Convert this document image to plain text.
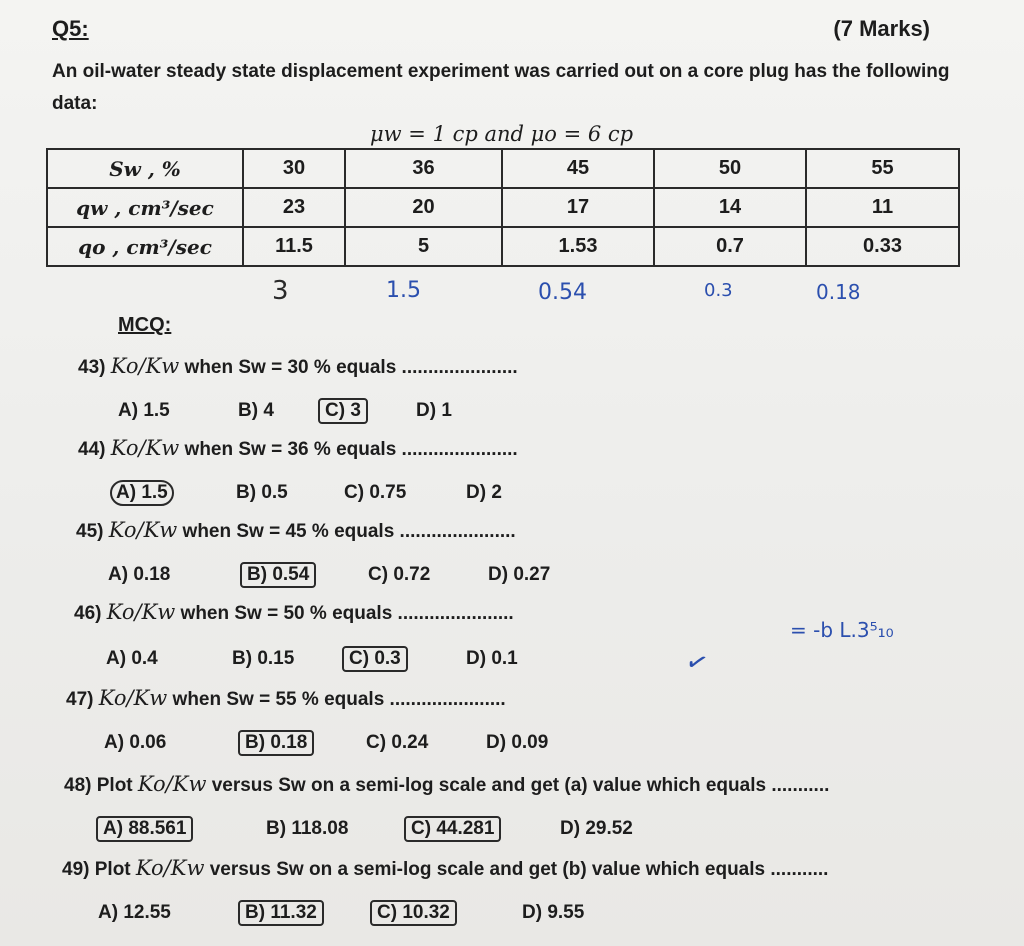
Q5:	(7 Marks)
An oil-water steady state displacement experiment was carried out on a core plug has the following data:
μw = 1 cp and μo = 6 cp
Sw , %	30	36	45	50	55
qw , cm³/sec	23	20	17	14	11
qo , cm³/sec	11.5	5	1.53	0.7	0.33
3	1.5	0.54	0.3	0.18
MCQ:
43) Ko/Kw when Sw = 30 % equals ......................
A) 1.5	B) 4	C) 3	D) 1
44) Ko/Kw when Sw = 36 % equals ......................
A) 1.5	B) 0.5	C) 0.75	D) 2
45) Ko/Kw when Sw = 45 % equals ......................
A) 0.18	B) 0.54	C) 0.72	D) 0.27
46) Ko/Kw when Sw = 50 % equals ......................
A) 0.4	B) 0.15	C) 0.3	D) 0.1	✓
= -b L.3⁵₁₀
47) Ko/Kw when Sw = 55 % equals ......................
A) 0.06	B) 0.18	C) 0.24	D) 0.09
48) Plot Ko/Kw versus Sw on a semi-log scale and get (a) value which equals ...........
A) 88.561	B) 118.08	C) 44.281	D) 29.52
49) Plot Ko/Kw versus Sw on a semi-log scale and get (b) value which equals ...........
A) 12.55	B) 11.32	C) 10.32	D) 9.55
